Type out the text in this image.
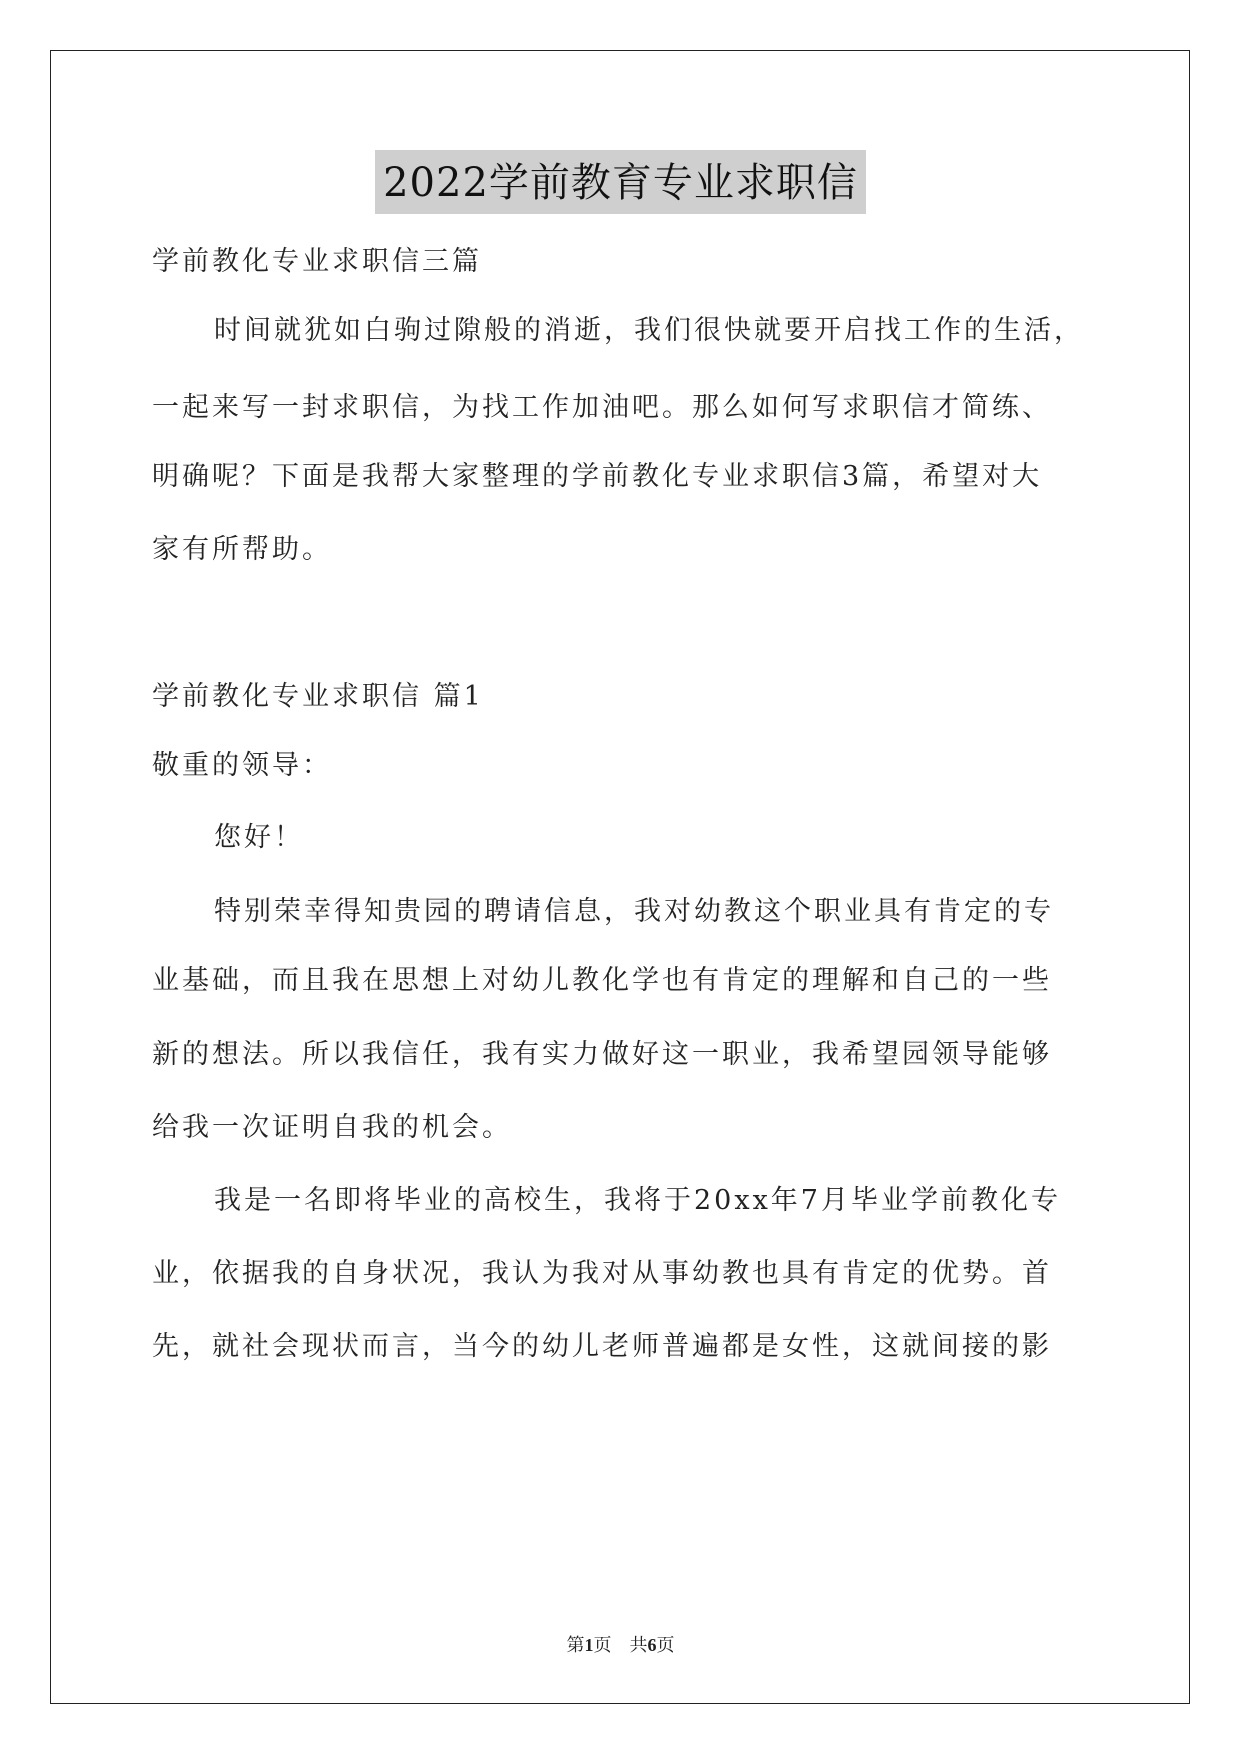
2022学前教育专业求职信
学前教化专业求职信三篇
时间就犹如白驹过隙般的消逝，我们很快就要开启找工作的生活，
一起来写一封求职信，为找工作加油吧。那么如何写求职信才简练、
明确呢？下面是我帮大家整理的学前教化专业求职信3篇，希望对大
家有所帮助。
学前教化专业求职信 篇1
敬重的领导：
您好！
特别荣幸得知贵园的聘请信息，我对幼教这个职业具有肯定的专
业基础，而且我在思想上对幼儿教化学也有肯定的理解和自己的一些
新的想法。所以我信任，我有实力做好这一职业，我希望园领导能够
给我一次证明自我的机会。
我是一名即将毕业的高校生，我将于20xx年7月毕业学前教化专
业，依据我的自身状况，我认为我对从事幼教也具有肯定的优势。首
先，就社会现状而言，当今的幼儿老师普遍都是女性，这就间接的影
第1页 共6页
